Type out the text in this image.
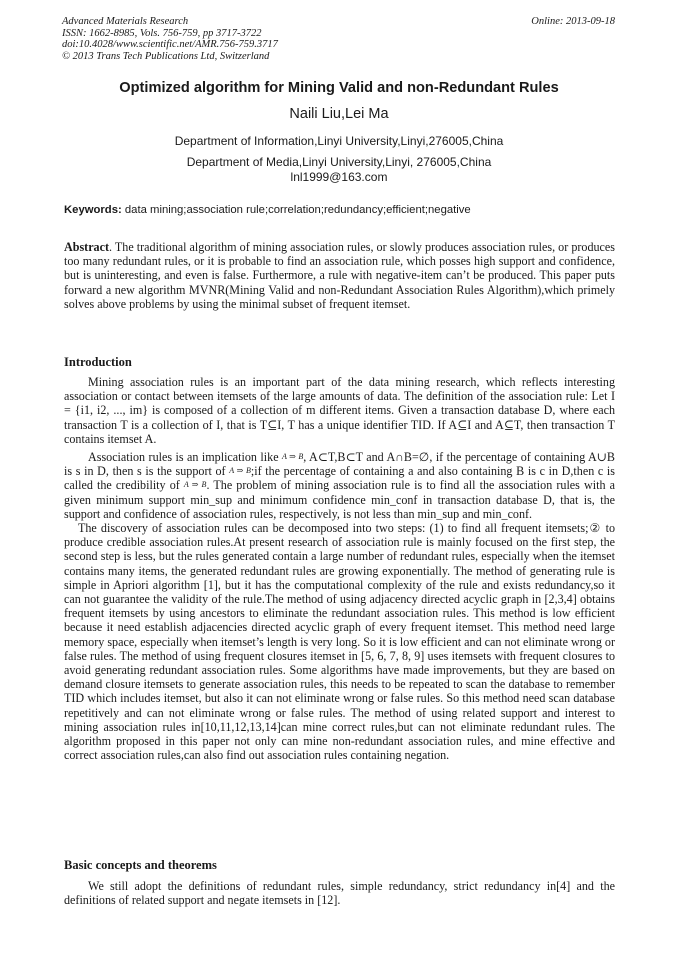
Advanced Materials Research
ISSN: 1662-8985, Vols. 756-759, pp 3717-3722
doi:10.4028/www.scientific.net/AMR.756-759.3717
© 2013 Trans Tech Publications Ltd, Switzerland
Online: 2013-09-18
Optimized algorithm for Mining Valid and non-Redundant Rules
Naili Liu,Lei Ma
Department of Information,Linyi University,Linyi,276005,China
Department of Media,Linyi University,Linyi, 276005,China
lnl1999@163.com
Keywords: data mining;association rule;correlation;redundancy;efficient;negative

Abstract. The traditional algorithm of mining association rules, or slowly produces association rules, or produces too many redundant rules, or it is probable to find an association rule, which posses high support and confidence, but is uninteresting, and even is false. Furthermore, a rule with negative-item can’t be produced. This paper puts forward a new algorithm MVNR(Mining Valid and non-Redundant Association Rules Algorithm),which primely solves above problems by using the minimal subset of frequent itemset.

Introduction

Mining association rules is an important part of the data mining research, which reflects interesting association or contact between itemsets of the large amounts of data. The definition of the association rule: Let I = {i1, i2, ..., im} is composed of a collection of m different items. Given a transaction database D, where each transaction T is a collection of I, that is T⊆I, T has a unique identifier TID. If A⊆I and A⊆T, then transaction T contains itemset A.

Association rules is an implication like A ⇒ B, A⊂T,B⊂T and A∩B=∅, if the percentage of containing A∪B is s in D, then s is the support of A ⇒ B;if the percentage of containing a and also containing B is c in D,then c is called the credibility of A ⇒ B. The problem of mining association rule is to find all the association rules with a given minimum support min_sup and minimum confidence min_conf in transaction database D, that is, the support and confidence of association rules, respectively, is not less than min_sup and min_conf.

The discovery of association rules can be decomposed into two steps: (1) to find all frequent itemsets;② to produce credible association rules.At present research of association rule is mainly focused on the first step, the second step is less, but the rules generated contain a large number of redundant rules, especially when the itemset contains many items, the generated redundant rules are growing exponentially. The method of generating rule is simple in Apriori algorithm [1], but it has the computational complexity of the rule and exists redundancy,so it can not guarantee the validity of the rule.The method of using adjacency directed acyclic graph in [2,3,4] obtains frequent itemsets by using ancestors to eliminate the redundant association rules. This method is low efficient because it need establish adjacencies directed acyclic graph of every frequent itemset. This method need large memory space, especially when itemset’s length is very long. So it is low efficient and can not eliminate wrong or false rules. The method of using frequent closures itemset in [5, 6, 7, 8, 9] uses itemsets with frequent closures to avoid generating redundant association rules. Some algorithms have made improvements, but they are based on demand closure itemsets to generate association rules, this needs to be repeated to scan the database to remember TID which includes itemset, but also it can not eliminate wrong or false rules. So this method need scan database repetitively and can not eliminate wrong or false rules. The method of using related support and interest to mining association rules in[10,11,12,13,14]can mine correct rules,but can not eliminate redundant rules. The algorithm proposed in this paper not only can mine non-redundant association rules, and mine effective and correct association rules,can also find out association rules containing negation.

Basic concepts and theorems

We still adopt the definitions of redundant rules, simple redundancy, strict redundancy in[4] and the definitions of related support and negate itemsets in [12].
